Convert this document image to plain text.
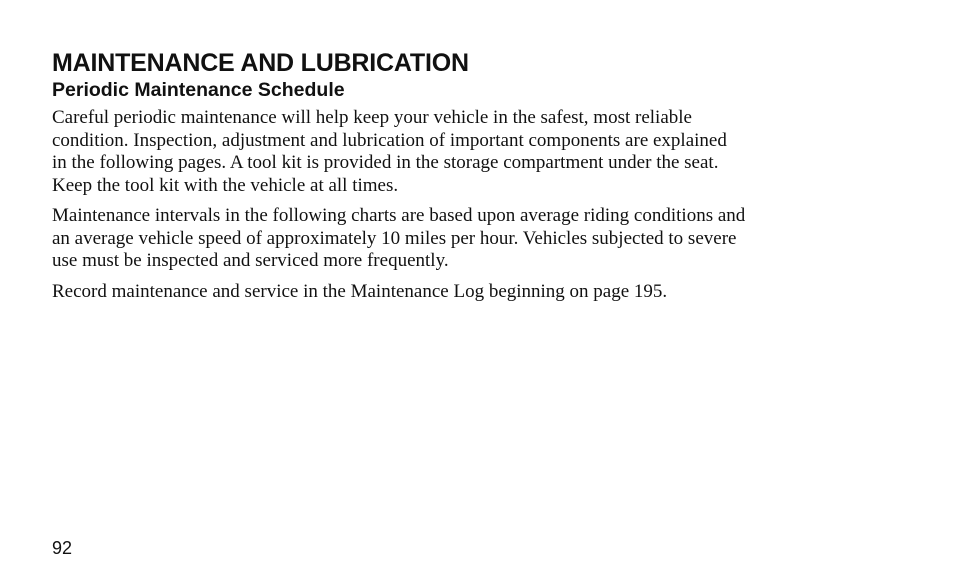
MAINTENANCE AND LUBRICATION
Periodic Maintenance Schedule

Careful periodic maintenance will help keep your vehicle in the safest, most reliable
condition. Inspection, adjustment and lubrication of important components are explained
in the following pages. A tool kit is provided in the storage compartment under the seat.
Keep the tool kit with the vehicle at all times.

Maintenance intervals in the following charts are based upon average riding conditions and
an average vehicle speed of approximately 10 miles per hour. Vehicles subjected to severe
use must be inspected and serviced more frequently.

Record maintenance and service in the Maintenance Log beginning on page 195.

92
